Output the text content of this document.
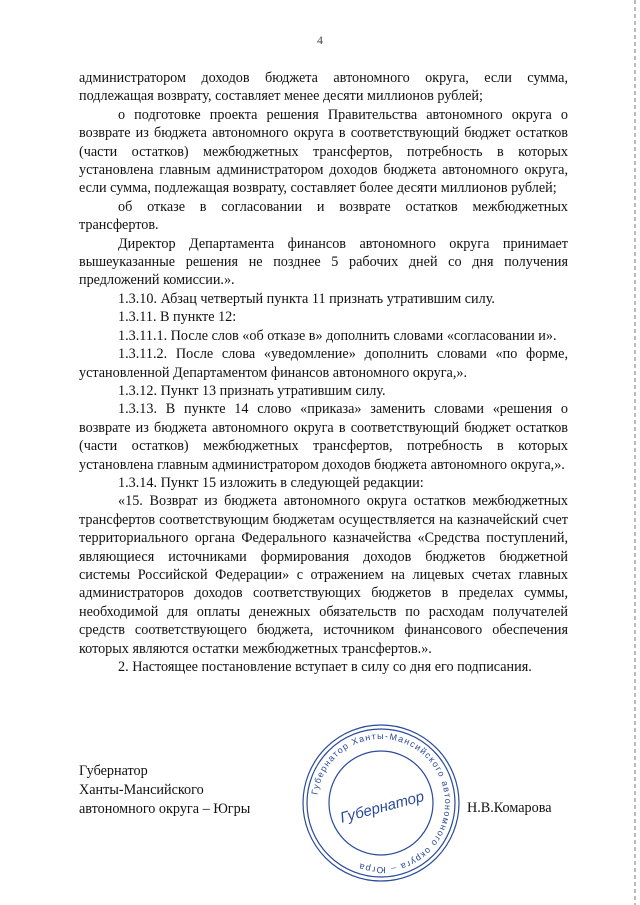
4

администратором доходов бюджета автономного округа, если сумма, подлежащая возврату, составляет менее десяти миллионов рублей;

о подготовке проекта решения Правительства автономного округа о возврате из бюджета автономного округа в соответствующий бюджет остатков (части остатков) межбюджетных трансфертов, потребность в которых установлена главным администратором доходов бюджета автономного округа, если сумма, подлежащая возврату, составляет более десяти миллионов рублей;

об отказе в согласовании и возврате остатков межбюджетных трансфертов.

Директор Департамента финансов автономного округа принимает вышеуказанные решения не позднее 5 рабочих дней со дня получения предложений комиссии.».

1.3.10. Абзац четвертый пункта 11 признать утратившим силу.

1.3.11. В пункте 12:

1.3.11.1. После слов «об отказе в» дополнить словами «согласовании и».

1.3.11.2. После слова «уведомление» дополнить словами «по форме, установленной Департаментом финансов автономного округа,».

1.3.12. Пункт 13 признать утратившим силу.

1.3.13. В пункте 14 слово «приказа» заменить словами «решения о возврате из бюджета автономного округа в соответствующий бюджет остатков (части остатков) межбюджетных трансфертов, потребность в которых установлена главным администратором доходов бюджета автономного округа,».

1.3.14. Пункт 15 изложить в следующей редакции:

«15. Возврат из бюджета автономного округа остатков межбюджетных трансфертов соответствующим бюджетам осуществляется на казначейский счет территориального органа Федерального казначейства «Средства поступлений, являющиеся источниками формирования доходов бюджетов бюджетной системы Российской Федерации» с отражением на лицевых счетах главных администраторов доходов соответствующих бюджетов в пределах суммы, необходимой для оплаты денежных обязательств по расходам получателей средств соответствующего бюджета, источником финансового обеспечения которых являются остатки межбюджетных трансфертов.».

2. Настоящее постановление вступает в силу со дня его подписания.

Губернатор
Ханты-Мансийского
автономного округа – Югры
Губернатор Ханты-Мансийского автономного округа – Югра
Губернатор	Н.В.Комарова
